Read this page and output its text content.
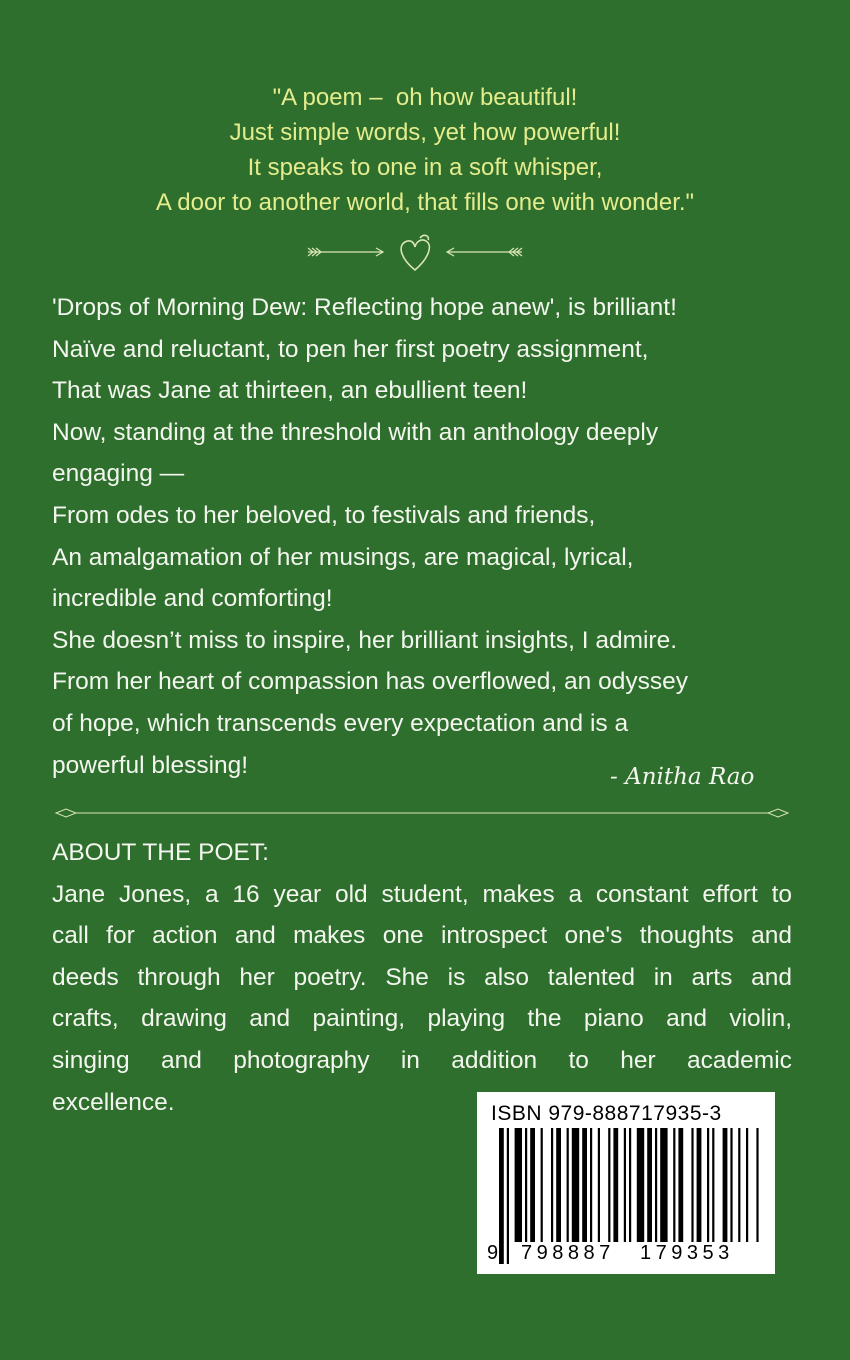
"A poem –  oh how beautiful!
Just simple words, yet how powerful!
It speaks to one in a soft whisper,
A door to another world, that fills one with wonder."
'Drops of Morning Dew: Reflecting hope anew', is brilliant!
Naïve and reluctant, to pen her first poetry assignment,
That was Jane at thirteen, an ebullient teen!
Now, standing at the threshold with an anthology deeply
engaging —
From odes to her beloved, to festivals and friends,
An amalgamation of her musings, are magical, lyrical,
incredible and comforting!
She doesn’t miss to inspire, her brilliant insights, I admire.
From her heart of compassion has overflowed, an odyssey
of hope, which transcends every expectation and is a
powerful blessing!	- Anitha Rao
ABOUT THE POET:
Jane Jones, a 16 year old student, makes a constant effort to
call for action and makes one introspect one's thoughts and
deeds through her poetry. She is also talented in arts and
crafts, drawing and painting, playing the piano and violin,
singing and photography in addition to her academic
excellence.	ISBN 979-888717935-3
9 798887 179353
